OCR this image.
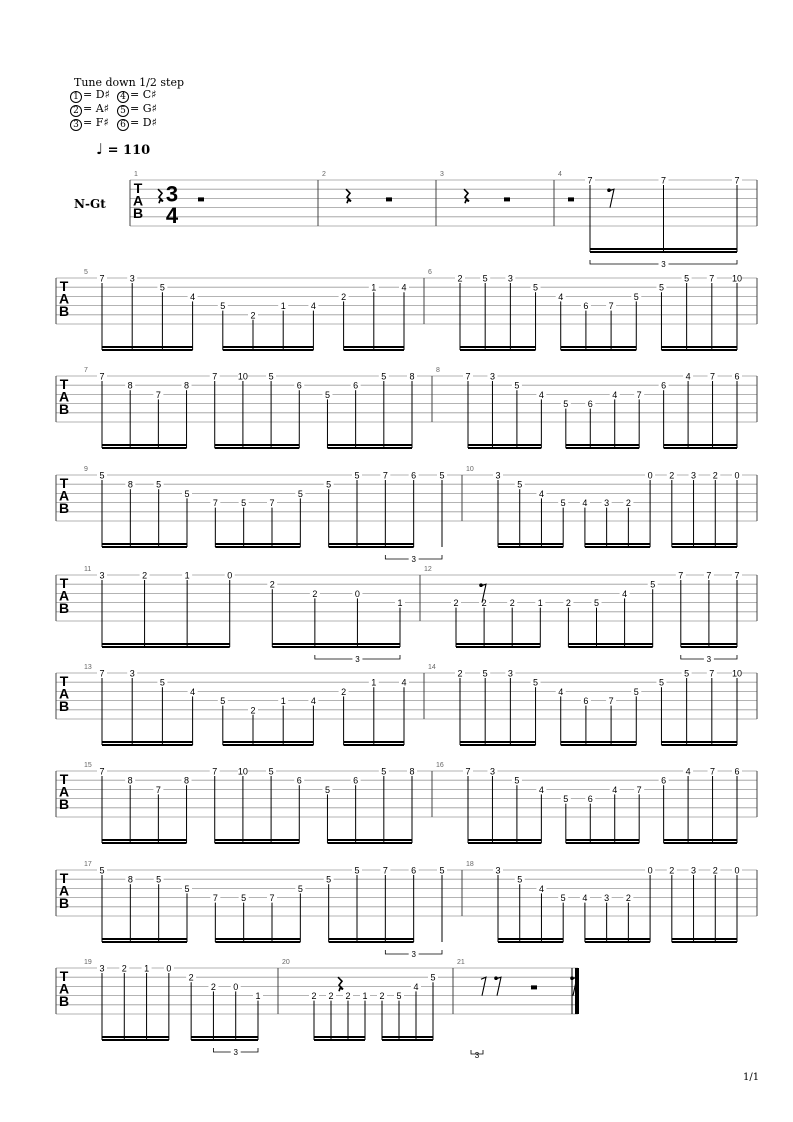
Tune down 1/2 step
1 = D♯ 4 = C♯
2 = A♯ 5 = G♯
3 = F♯ 6 = D♯
♩ = 110
N-Gt
T
A
B
3
4
1	2	3	4
7	7	7
3
T
A
B
5
7	3
5
4
5
2
1	4
2
1	4
6
2 5 3
5
4
6 7
5
5
5 7 10
T
A
B
7
7
8
7
8
7 10 5
6
5
6
5	8
8
7 3
5
4
5 6
4 7
6
4 7 6
T
A
B
9
5
8	5
5
7	5	7
5
5
5	7	6	5
3
10
3
5
4
5 4 3 2
0 2 3 2 0
T
A
B
11
3	2	1	0
2
2	0
1
3
12
2	2	2	1	2	5
4
5
7	7	7
3
T
A
B
13
7	3
5
4
5
2
1	4
2
1	4
14
2 5 3
5
4
6 7
5
5
5 7 10
T
A
B
15
7
8
7
8
7 10 5
6
5
6
5	8
16
7 3
5
4
5 6
4 7
6
4 7 6
T
A
B
17
5
8	5
5
7	5	7
5
5
5	7	6	5
3
18
3
5
4
5 4 3 2
0 2 3 2 0
T
A
B
19
3 2 1 0
2
2 0
1
3
20
2 2 2 1 2 5
4
5
21
3
1/1
